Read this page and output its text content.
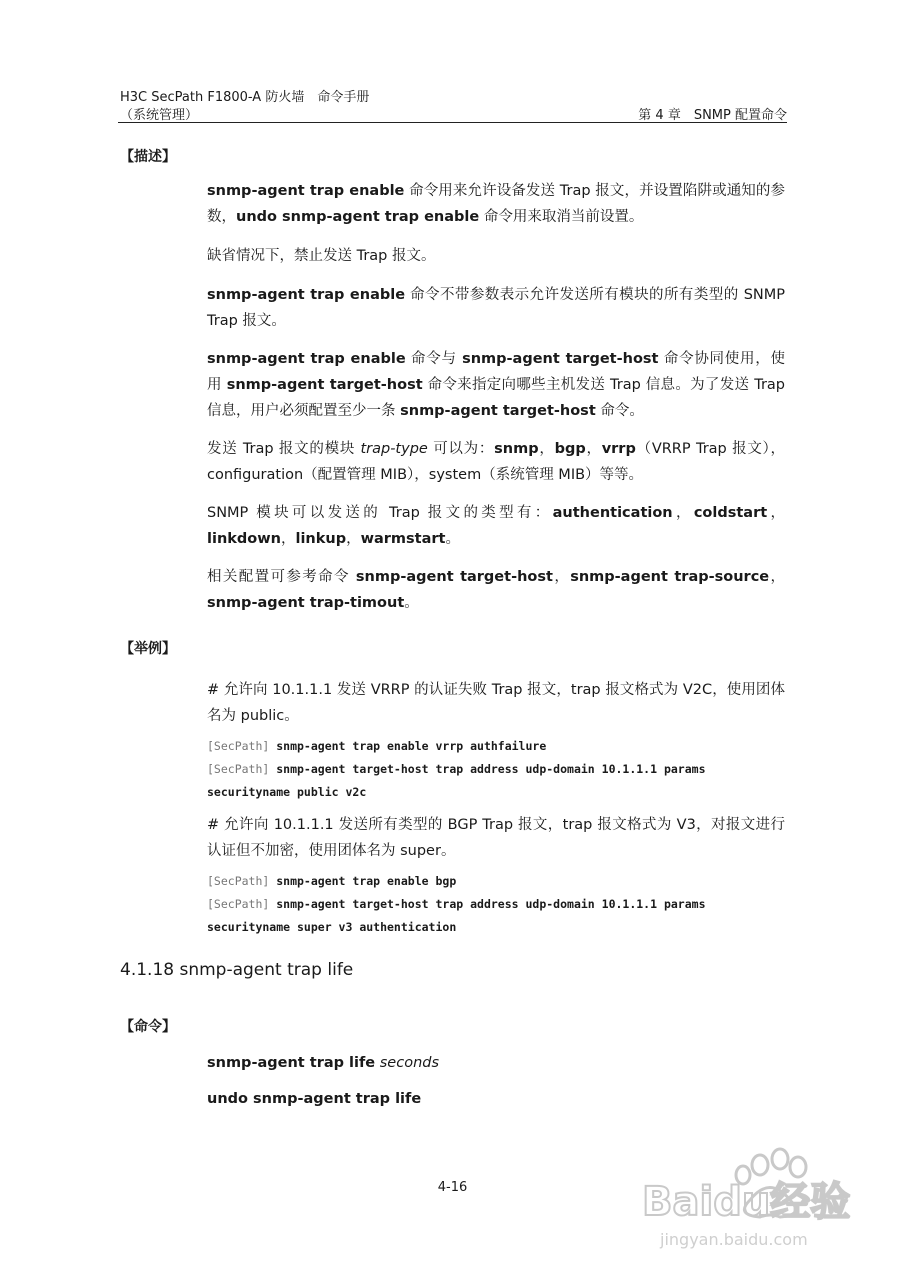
H3C SecPath F1800-A 防火墙　命令手册
（系统管理）	第 4 章　SNMP 配置命令
【描述】
snmp-agent trap enable 命令用来允许设备发送 Trap 报文，并设置陷阱或通知的参数，undo snmp-agent trap enable 命令用来取消当前设置。
缺省情况下，禁止发送 Trap 报文。
snmp-agent trap enable 命令不带参数表示允许发送所有模块的所有类型的 SNMP Trap 报文。
snmp-agent trap enable 命令与 snmp-agent target-host 命令协同使用，使用 snmp-agent target-host 命令来指定向哪些主机发送 Trap 信息。为了发送 Trap 信息，用户必须配置至少一条 snmp-agent target-host 命令。
发送 Trap 报文的模块 trap-type 可以为：snmp，bgp，vrrp（VRRP Trap 报文），configuration（配置管理 MIB），system（系统管理 MIB）等等。
SNMP 模块可以发送的 Trap 报文的类型有：authentication，coldstart，linkdown，linkup，warmstart。
相关配置可参考命令 snmp-agent target-host，snmp-agent trap-source，snmp-agent trap-timout。
【举例】
# 允许向 10.1.1.1 发送 VRRP 的认证失败 Trap 报文，trap 报文格式为 V2C，使用团体名为 public。
[SecPath] snmp-agent trap enable vrrp authfailure
[SecPath] snmp-agent target-host trap address udp-domain 10.1.1.1 params
securityname public v2c
# 允许向 10.1.1.1 发送所有类型的 BGP Trap 报文，trap 报文格式为 V3，对报文进行认证但不加密，使用团体名为 super。
[SecPath] snmp-agent trap enable bgp
[SecPath] snmp-agent target-host trap address udp-domain 10.1.1.1 params
securityname super v3 authentication
4.1.18 snmp-agent trap life
【命令】
snmp-agent trap life seconds
undo snmp-agent trap life
4-16	Baidu经验
jingyan.baidu.com
